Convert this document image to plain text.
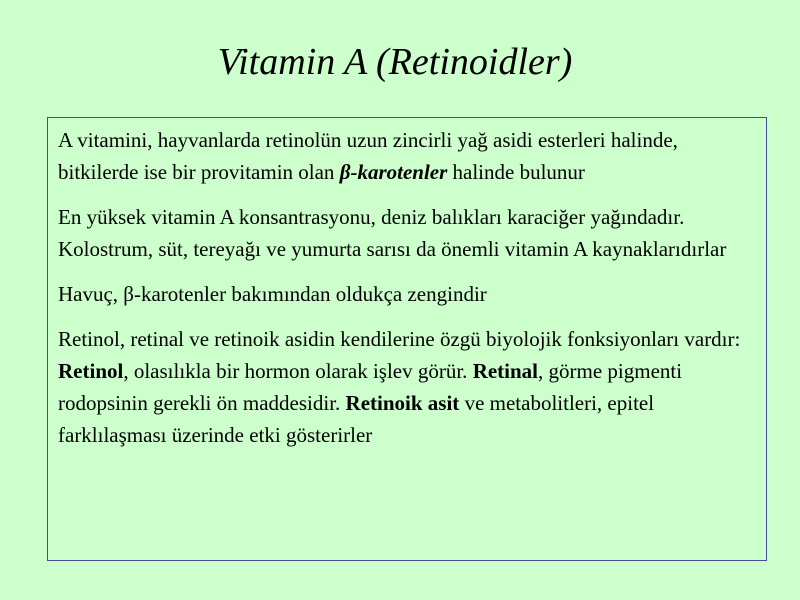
Vitamin A (Retinoidler)

A vitamini, hayvanlarda retinolün uzun zincirli yağ asidi esterleri halinde, bitkilerde ise bir provitamin olan β-karotenler halinde bulunur

En yüksek vitamin A konsantrasyonu, deniz balıkları karaciğer yağındadır. Kolostrum, süt, tereyağı ve yumurta sarısı da önemli vitamin A kaynaklarıdırlar

Havuç, β-karotenler bakımından oldukça zengindir

Retinol, retinal ve retinoik asidin kendilerine özgü biyolojik fonksiyonları vardır: Retinol, olasılıkla bir hormon olarak işlev görür. Retinal, görme pigmenti rodopsinin gerekli ön maddesidir. Retinoik asit ve metabolitleri, epitel farklılaşması üzerinde etki gösterirler
